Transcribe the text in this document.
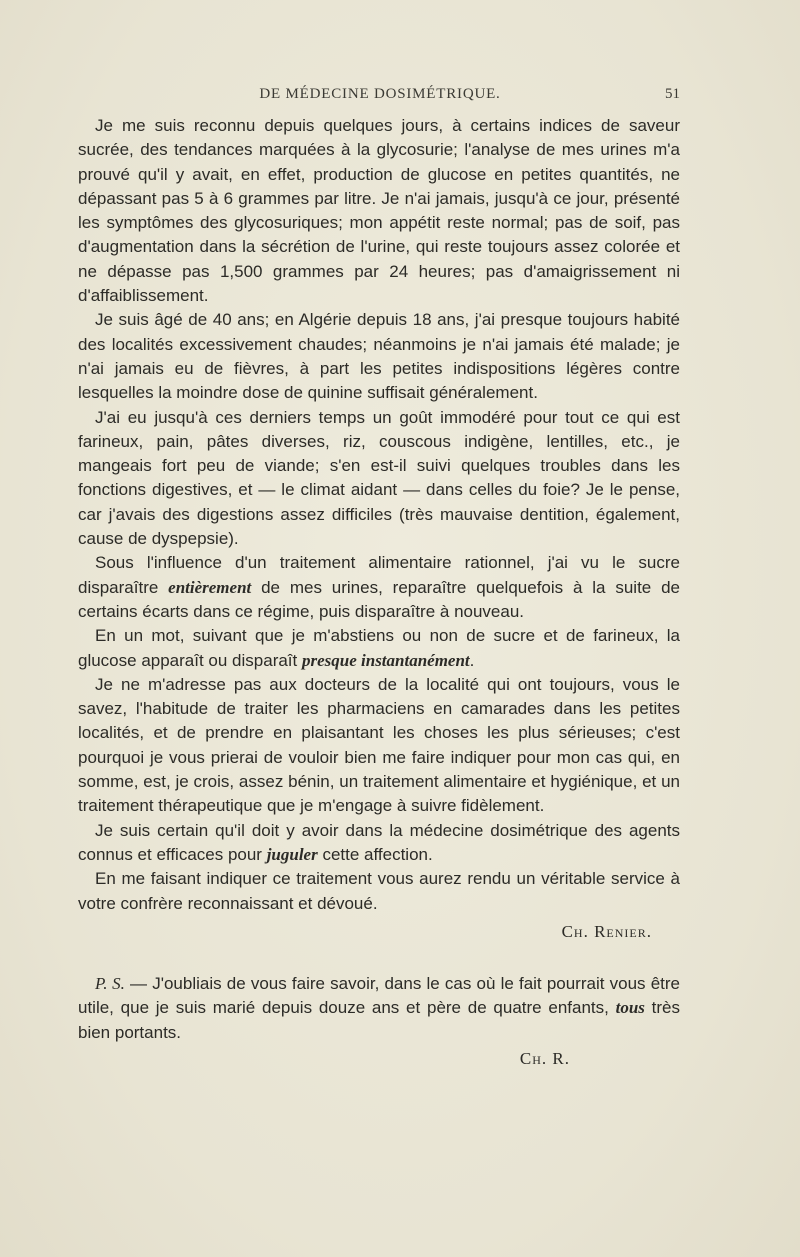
DE MÉDECINE DOSIMÉTRIQUE.	51

Je me suis reconnu depuis quelques jours, à certains indices de saveur sucrée, des tendances marquées à la glycosurie; l'analyse de mes urines m'a prouvé qu'il y avait, en effet, production de glucose en petites quantités, ne dépassant pas 5 à 6 grammes par litre. Je n'ai jamais, jusqu'à ce jour, présenté les symptômes des glycosuriques; mon appétit reste normal; pas de soif, pas d'augmentation dans la sécrétion de l'urine, qui reste toujours assez colorée et ne dépasse pas 1,500 grammes par 24 heures; pas d'amaigrissement ni d'affaiblissement.

Je suis âgé de 40 ans; en Algérie depuis 18 ans, j'ai presque toujours habité des localités excessivement chaudes; néanmoins je n'ai jamais été malade; je n'ai jamais eu de fièvres, à part les petites indispositions légères contre lesquelles la moindre dose de quinine suffisait généralement.

J'ai eu jusqu'à ces derniers temps un goût immodéré pour tout ce qui est farineux, pain, pâtes diverses, riz, couscous indigène, lentilles, etc., je mangeais fort peu de viande; s'en est-il suivi quelques troubles dans les fonctions digestives, et — le climat aidant — dans celles du foie? Je le pense, car j'avais des digestions assez difficiles (très mauvaise dentition, également, cause de dyspepsie).

Sous l'influence d'un traitement alimentaire rationnel, j'ai vu le sucre disparaître entièrement de mes urines, reparaître quelquefois à la suite de certains écarts dans ce régime, puis disparaître à nouveau.

En un mot, suivant que je m'abstiens ou non de sucre et de farineux, la glucose apparaît ou disparaît presque instantanément.

Je ne m'adresse pas aux docteurs de la localité qui ont toujours, vous le savez, l'habitude de traiter les pharmaciens en camarades dans les petites localités, et de prendre en plaisantant les choses les plus sérieuses; c'est pourquoi je vous prierai de vouloir bien me faire indiquer pour mon cas qui, en somme, est, je crois, assez bénin, un traitement alimentaire et hygiénique, et un traitement thérapeutique que je m'engage à suivre fidèlement.

Je suis certain qu'il doit y avoir dans la médecine dosimétrique des agents connus et efficaces pour juguler cette affection.

En me faisant indiquer ce traitement vous aurez rendu un véritable service à votre confrère reconnaissant et dévoué.

Ch. Renier.

P. S. — J'oubliais de vous faire savoir, dans le cas où le fait pourrait vous être utile, que je suis marié depuis douze ans et père de quatre enfants, tous très bien portants.

Ch. R.
